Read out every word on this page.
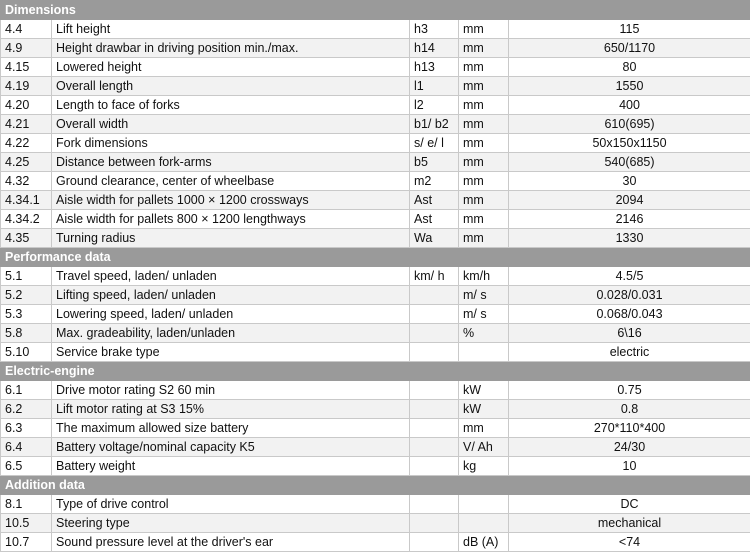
Dimensions				
4.4	Lift height	h3	mm	115
4.9	Height drawbar in driving position min./max.	h14	mm	650/1170
4.15	Lowered height	h13	mm	80
4.19	Overall length	l1	mm	1550
4.20	Length to face of forks	l2	mm	400
4.21	Overall width	b1/ b2	mm	610(695)
4.22	Fork dimensions	s/ e/ l	mm	50x150x1150
4.25	Distance between fork-arms	b5	mm	540(685)
4.32	Ground clearance, center of wheelbase	m2	mm	30
4.34.1	Aisle width for pallets 1000 × 1200 crossways	Ast	mm	2094
4.34.2	Aisle width for pallets 800 × 1200 lengthways	Ast	mm	2146
4.35	Turning radius	Wa	mm	1330
Performance data				
5.1	Travel speed, laden/ unladen	km/ h	km/h	4.5/5
5.2	Lifting speed, laden/ unladen		m/ s	0.028/0.031
5.3	Lowering speed, laden/ unladen		m/ s	0.068/0.043
5.8	Max. gradeability, laden/unladen		%	6\16
5.10	Service brake type			electric
Electric-engine				
6.1	Drive motor rating S2 60 min		kW	0.75
6.2	Lift motor rating at S3 15%		kW	0.8
6.3	The maximum allowed size battery		mm	270*110*400
6.4	Battery voltage/nominal capacity K5		V/ Ah	24/30
6.5	Battery weight		kg	10
Addition data				
8.1	Type of drive control			DC
10.5	Steering type			mechanical
10.7	Sound pressure level at the driver's ear		dB (A)	<74
